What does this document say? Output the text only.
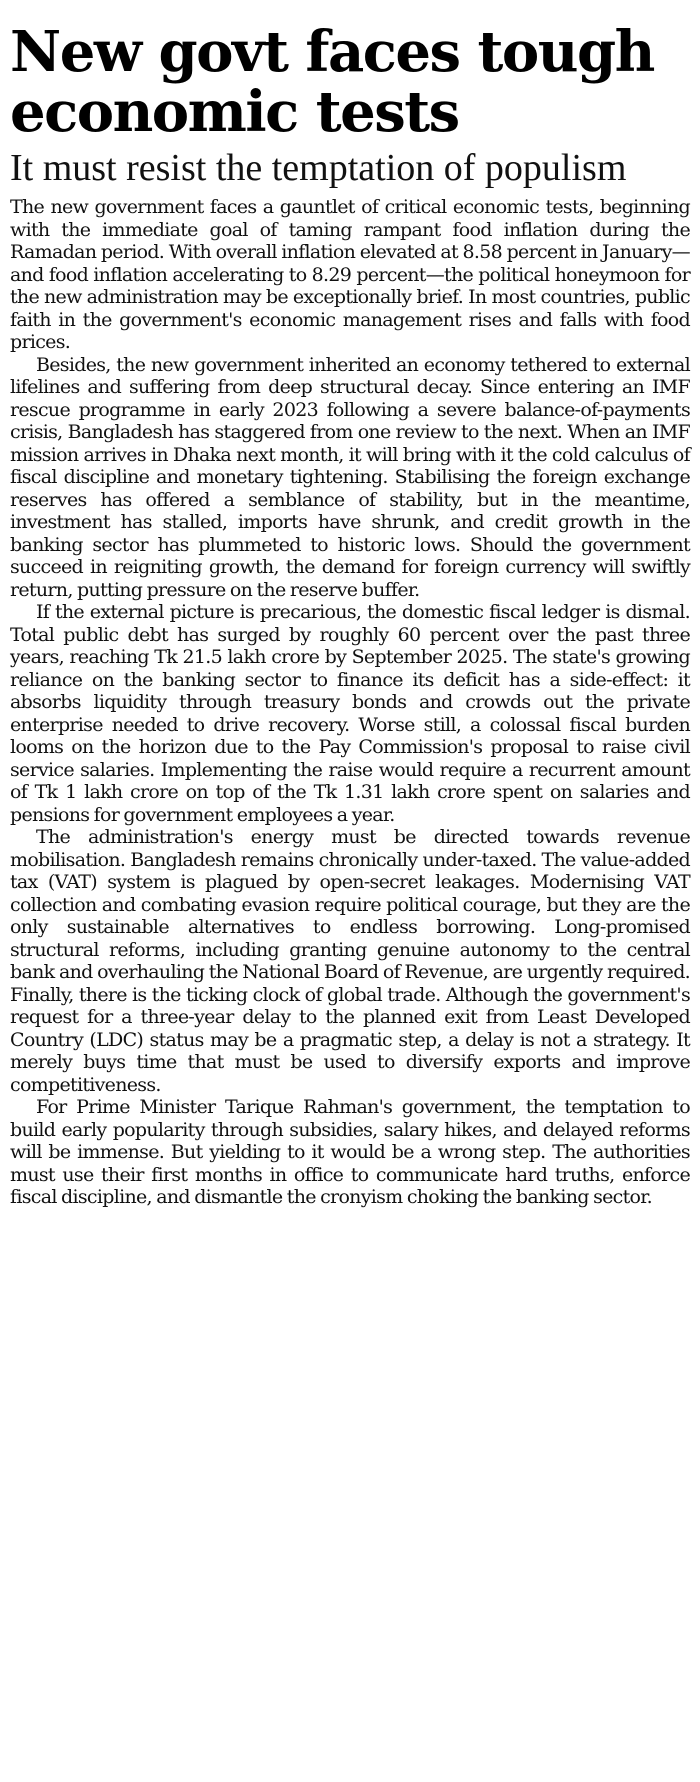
New govt faces tough economic tests
It must resist the temptation of populism

The new government faces a gauntlet of critical economic tests, beginning with the immediate goal of taming rampant food inflation during the Ramadan period. With overall inflation elevated at 8.58 percent in January—and food inflation accelerating to 8.29 percent—the political honeymoon for the new administration may be exceptionally brief. In most countries, public faith in the government's economic management rises and falls with food prices.

Besides, the new government inherited an economy tethered to external lifelines and suffering from deep structural decay. Since entering an IMF rescue programme in early 2023 following a severe balance-of-payments crisis, Bangladesh has staggered from one review to the next. When an IMF mission arrives in Dhaka next month, it will bring with it the cold calculus of fiscal discipline and monetary tightening. Stabilising the foreign exchange reserves has offered a semblance of stability, but in the meantime, investment has stalled, imports have shrunk, and credit growth in the banking sector has plummeted to historic lows. Should the government succeed in reigniting growth, the demand for foreign currency will swiftly return, putting pressure on the reserve buffer.

If the external picture is precarious, the domestic fiscal ledger is dismal. Total public debt has surged by roughly 60 percent over the past three years, reaching Tk 21.5 lakh crore by September 2025. The state's growing reliance on the banking sector to finance its deficit has a side-effect: it absorbs liquidity through treasury bonds and crowds out the private enterprise needed to drive recovery. Worse still, a colossal fiscal burden looms on the horizon due to the Pay Commission's proposal to raise civil service salaries. Implementing the raise would require a recurrent amount of Tk 1 lakh crore on top of the Tk 1.31 lakh crore spent on salaries and pensions for government employees a year.

The administration's energy must be directed towards revenue mobilisation. Bangladesh remains chronically under-taxed. The value-added tax (VAT) system is plagued by open-secret leakages. Modernising VAT collection and combating evasion require political courage, but they are the only sustainable alternatives to endless borrowing. Long-promised structural reforms, including granting genuine autonomy to the central bank and overhauling the National Board of Revenue, are urgently required. Finally, there is the ticking clock of global trade. Although the government's request for a three-year delay to the planned exit from Least Developed Country (LDC) status may be a pragmatic step, a delay is not a strategy. It merely buys time that must be used to diversify exports and improve competitiveness.

For Prime Minister Tarique Rahman's government, the temptation to build early popularity through subsidies, salary hikes, and delayed reforms will be immense. But yielding to it would be a wrong step. The authorities must use their first months in office to communicate hard truths, enforce fiscal discipline, and dismantle the cronyism choking the banking sector.
